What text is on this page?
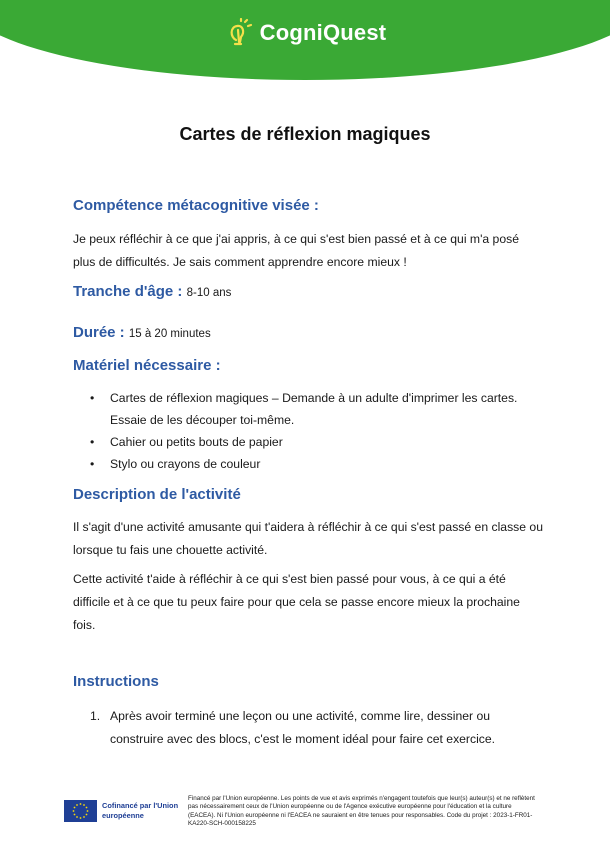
CogniQuest
Cartes de réflexion magiques
Compétence métacognitive visée :
Je peux réfléchir à ce que j'ai appris, à ce qui s'est bien passé et à ce qui m'a posé plus de difficultés. Je sais comment apprendre encore mieux !
Tranche d'âge : 8-10 ans
Durée : 15 à 20 minutes
Matériel nécessaire :
• Cartes de réflexion magiques – Demande à un adulte d'imprimer les cartes. Essaie de les découper toi-même.
• Cahier ou petits bouts de papier
• Stylo ou crayons de couleur
Description de l'activité
Il s'agit d'une activité amusante qui t'aidera à réfléchir à ce qui s'est passé en classe ou lorsque tu fais une chouette activité.
Cette activité t'aide à réfléchir à ce qui s'est bien passé pour vous, à ce qui a été difficile et à ce que tu peux faire pour que cela se passe encore mieux la prochaine fois.
Instructions
1. Après avoir terminé une leçon ou une activité, comme lire, dessiner ou construire avec des blocs, c'est le moment idéal pour faire cet exercice.
Cofinancé par l'Union européenne
Financé par l'Union européenne. Les points de vue et avis exprimés n'engagent toutefois que leur(s) auteur(s) et ne reflètent pas nécessairement ceux de l'Union européenne ou de l'Agence exécutive européenne pour l'éducation et la culture (EACEA). Ni l'Union européenne ni l'EACEA ne sauraient en être tenues pour responsables. Code du projet : 2023-1-FR01-KA220-SCH-000158225
